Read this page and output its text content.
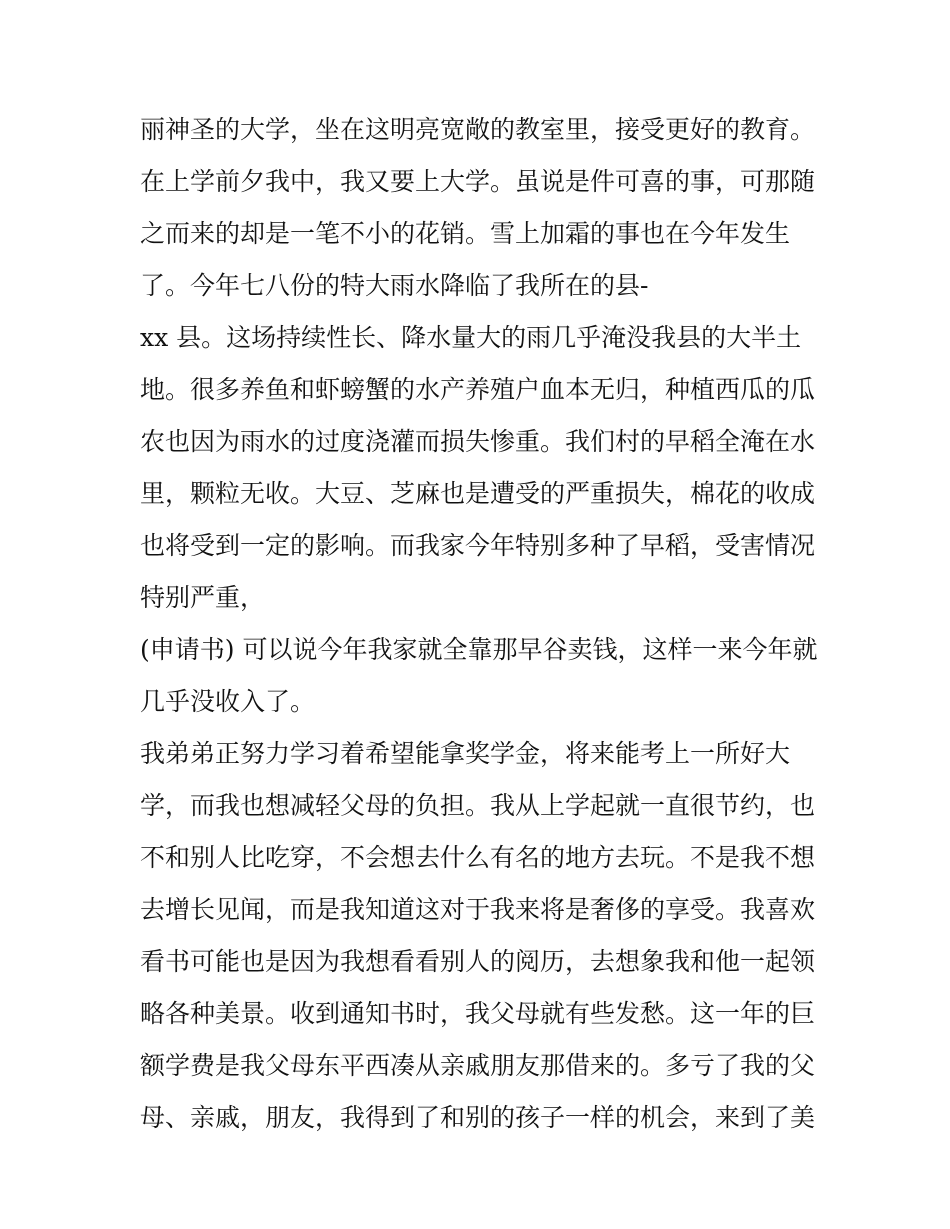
丽神圣的大学，坐在这明亮宽敞的教室里，接受更好的教育。
在上学前夕我中，我又要上大学。虽说是件可喜的事，可那随
之而来的却是一笔不小的花销。雪上加霜的事也在今年发生
了。今年七八份的特大雨水降临了我所在的县-
xx 县。这场持续性长、降水量大的雨几乎淹没我县的大半土
地。很多养鱼和虾螃蟹的水产养殖户血本无归，种植西瓜的瓜
农也因为雨水的过度浇灌而损失惨重。我们村的早稻全淹在水
里，颗粒无收。大豆、芝麻也是遭受的严重损失，棉花的收成
也将受到一定的影响。而我家今年特别多种了早稻，受害情况
特别严重，
(申请书) 可以说今年我家就全靠那早谷卖钱，这样一来今年就
几乎没收入了。
我弟弟正努力学习着希望能拿奖学金，将来能考上一所好大
学，而我也想减轻父母的负担。我从上学起就一直很节约，也
不和别人比吃穿，不会想去什么有名的地方去玩。不是我不想
去增长见闻，而是我知道这对于我来将是奢侈的享受。我喜欢
看书可能也是因为我想看看别人的阅历，去想象我和他一起领
略各种美景。收到通知书时，我父母就有些发愁。这一年的巨
额学费是我父母东平西凑从亲戚朋友那借来的。多亏了我的父
母、亲戚，朋友，我得到了和别的孩子一样的机会，来到了美
